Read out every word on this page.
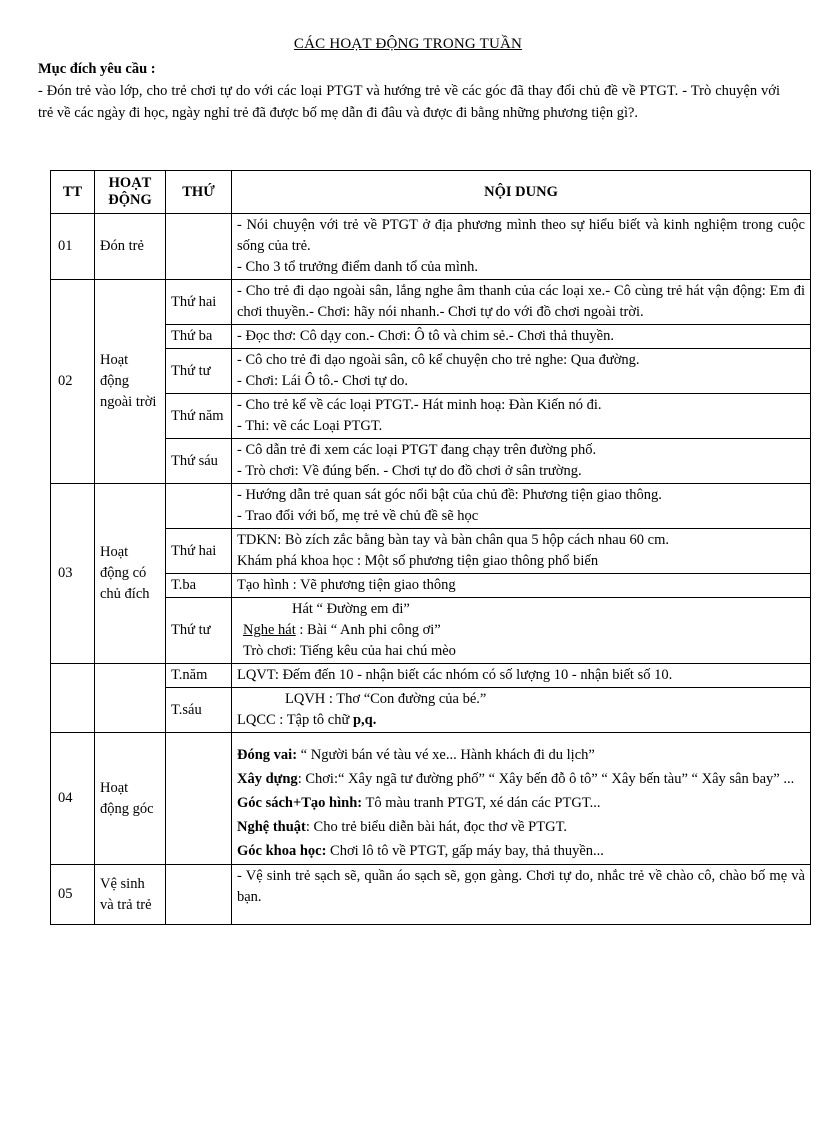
CÁC HOẠT ĐỘNG TRONG TUẦN
Mục đích yêu cầu :
- Đón trẻ vào lớp, cho trẻ chơi tự do với các loại PTGT và hướng trẻ về các góc đã thay đổi chủ đề về PTGT. - Trò chuyện với trẻ về các ngày đi học, ngày nghỉ trẻ đã được bố mẹ dẫn đi đâu và được đi bằng những phương tiện gì?.
TT	HOẠT ĐỘNG	THỨ	NỘI DUNG
01	Đón trẻ		- Nói chuyện với trẻ về PTGT ở địa phương mình theo sự hiểu biết và kinh nghiệm trong cuộc sống của trẻ.
- Cho 3 tổ trưởng điểm danh tổ của mình.

02	Hoạt động ngoài trời	Thứ hai	- Cho trẻ đi dạo ngoài sân, lắng nghe âm thanh của các loại xe.- Cô cùng trẻ hát vận động: Em đi chơi thuyền.- Chơi: hãy nói nhanh.- Chơi tự do với đồ chơi ngoài trời.

		Thứ ba	- Đọc thơ: Cô dạy con.- Chơi: Ô tô và chim sẻ.- Chơi thả thuyền.

		Thứ tư	- Cô cho trẻ đi dạo ngoài sân, cô kể chuyện cho trẻ nghe: Qua đường.
- Chơi: Lái Ô tô.- Chơi tự do.

		Thứ năm	- Cho trẻ kể về các loại PTGT.- Hát minh hoạ: Đàn Kiến nó đi.
- Thi: vẽ các Loại PTGT.

		Thứ sáu	- Cô dẫn trẻ đi xem các loại PTGT đang chạy trên đường phố.
- Trò chơi: Về đúng bến. - Chơi tự do đồ chơi ở sân trường.

03	Hoạt động có chủ đích		- Hướng dẫn trẻ quan sát góc nổi bật của chủ đề: Phương tiện giao thông.
- Trao đổi với bố, mẹ trẻ về chủ đề sẽ học

		Thứ hai	TDKN: Bò zích zắc bằng bàn tay và bàn chân qua 5 hộp cách nhau 60 cm.
Khám phá khoa học : Một số phương tiện giao thông phổ biến

		T.ba	Tạo hình : Vẽ phương tiện giao thông

		Thứ tư	Hát “ Đường em đi”
Nghe hát : Bài “ Anh phi công ơi”
Trò chơi: Tiếng kêu của hai chú mèo

		T.năm	LQVT: Đếm đến 10 - nhận biết các nhóm có số lượng 10 - nhận biết số 10.

		T.sáu	LQVH : Thơ “Con đường của bé.”
LQCC : Tập tô chữ p,q.

04	Hoạt động góc		Đóng vai: “ Người bán vé tàu vé xe... Hành khách đi du lịch”
Xây dựng: Chơi:“ Xây ngã tư đường phố” “ Xây bến đỗ ô tô” “ Xây bến tàu” “ Xây sân bay” ...
Góc sách+Tạo hình: Tô màu tranh PTGT, xé dán các PTGT...
Nghệ thuật: Cho trẻ biểu diễn bài hát, đọc thơ về PTGT.
Góc khoa học: Chơi lô tô về PTGT, gấp máy bay, thả thuyền...

05	Vệ sinh và trả trẻ		- Vệ sinh trẻ sạch sẽ, quần áo sạch sẽ, gọn gàng. Chơi tự do, nhắc trẻ về chào cô, chào bố mẹ và bạn.
